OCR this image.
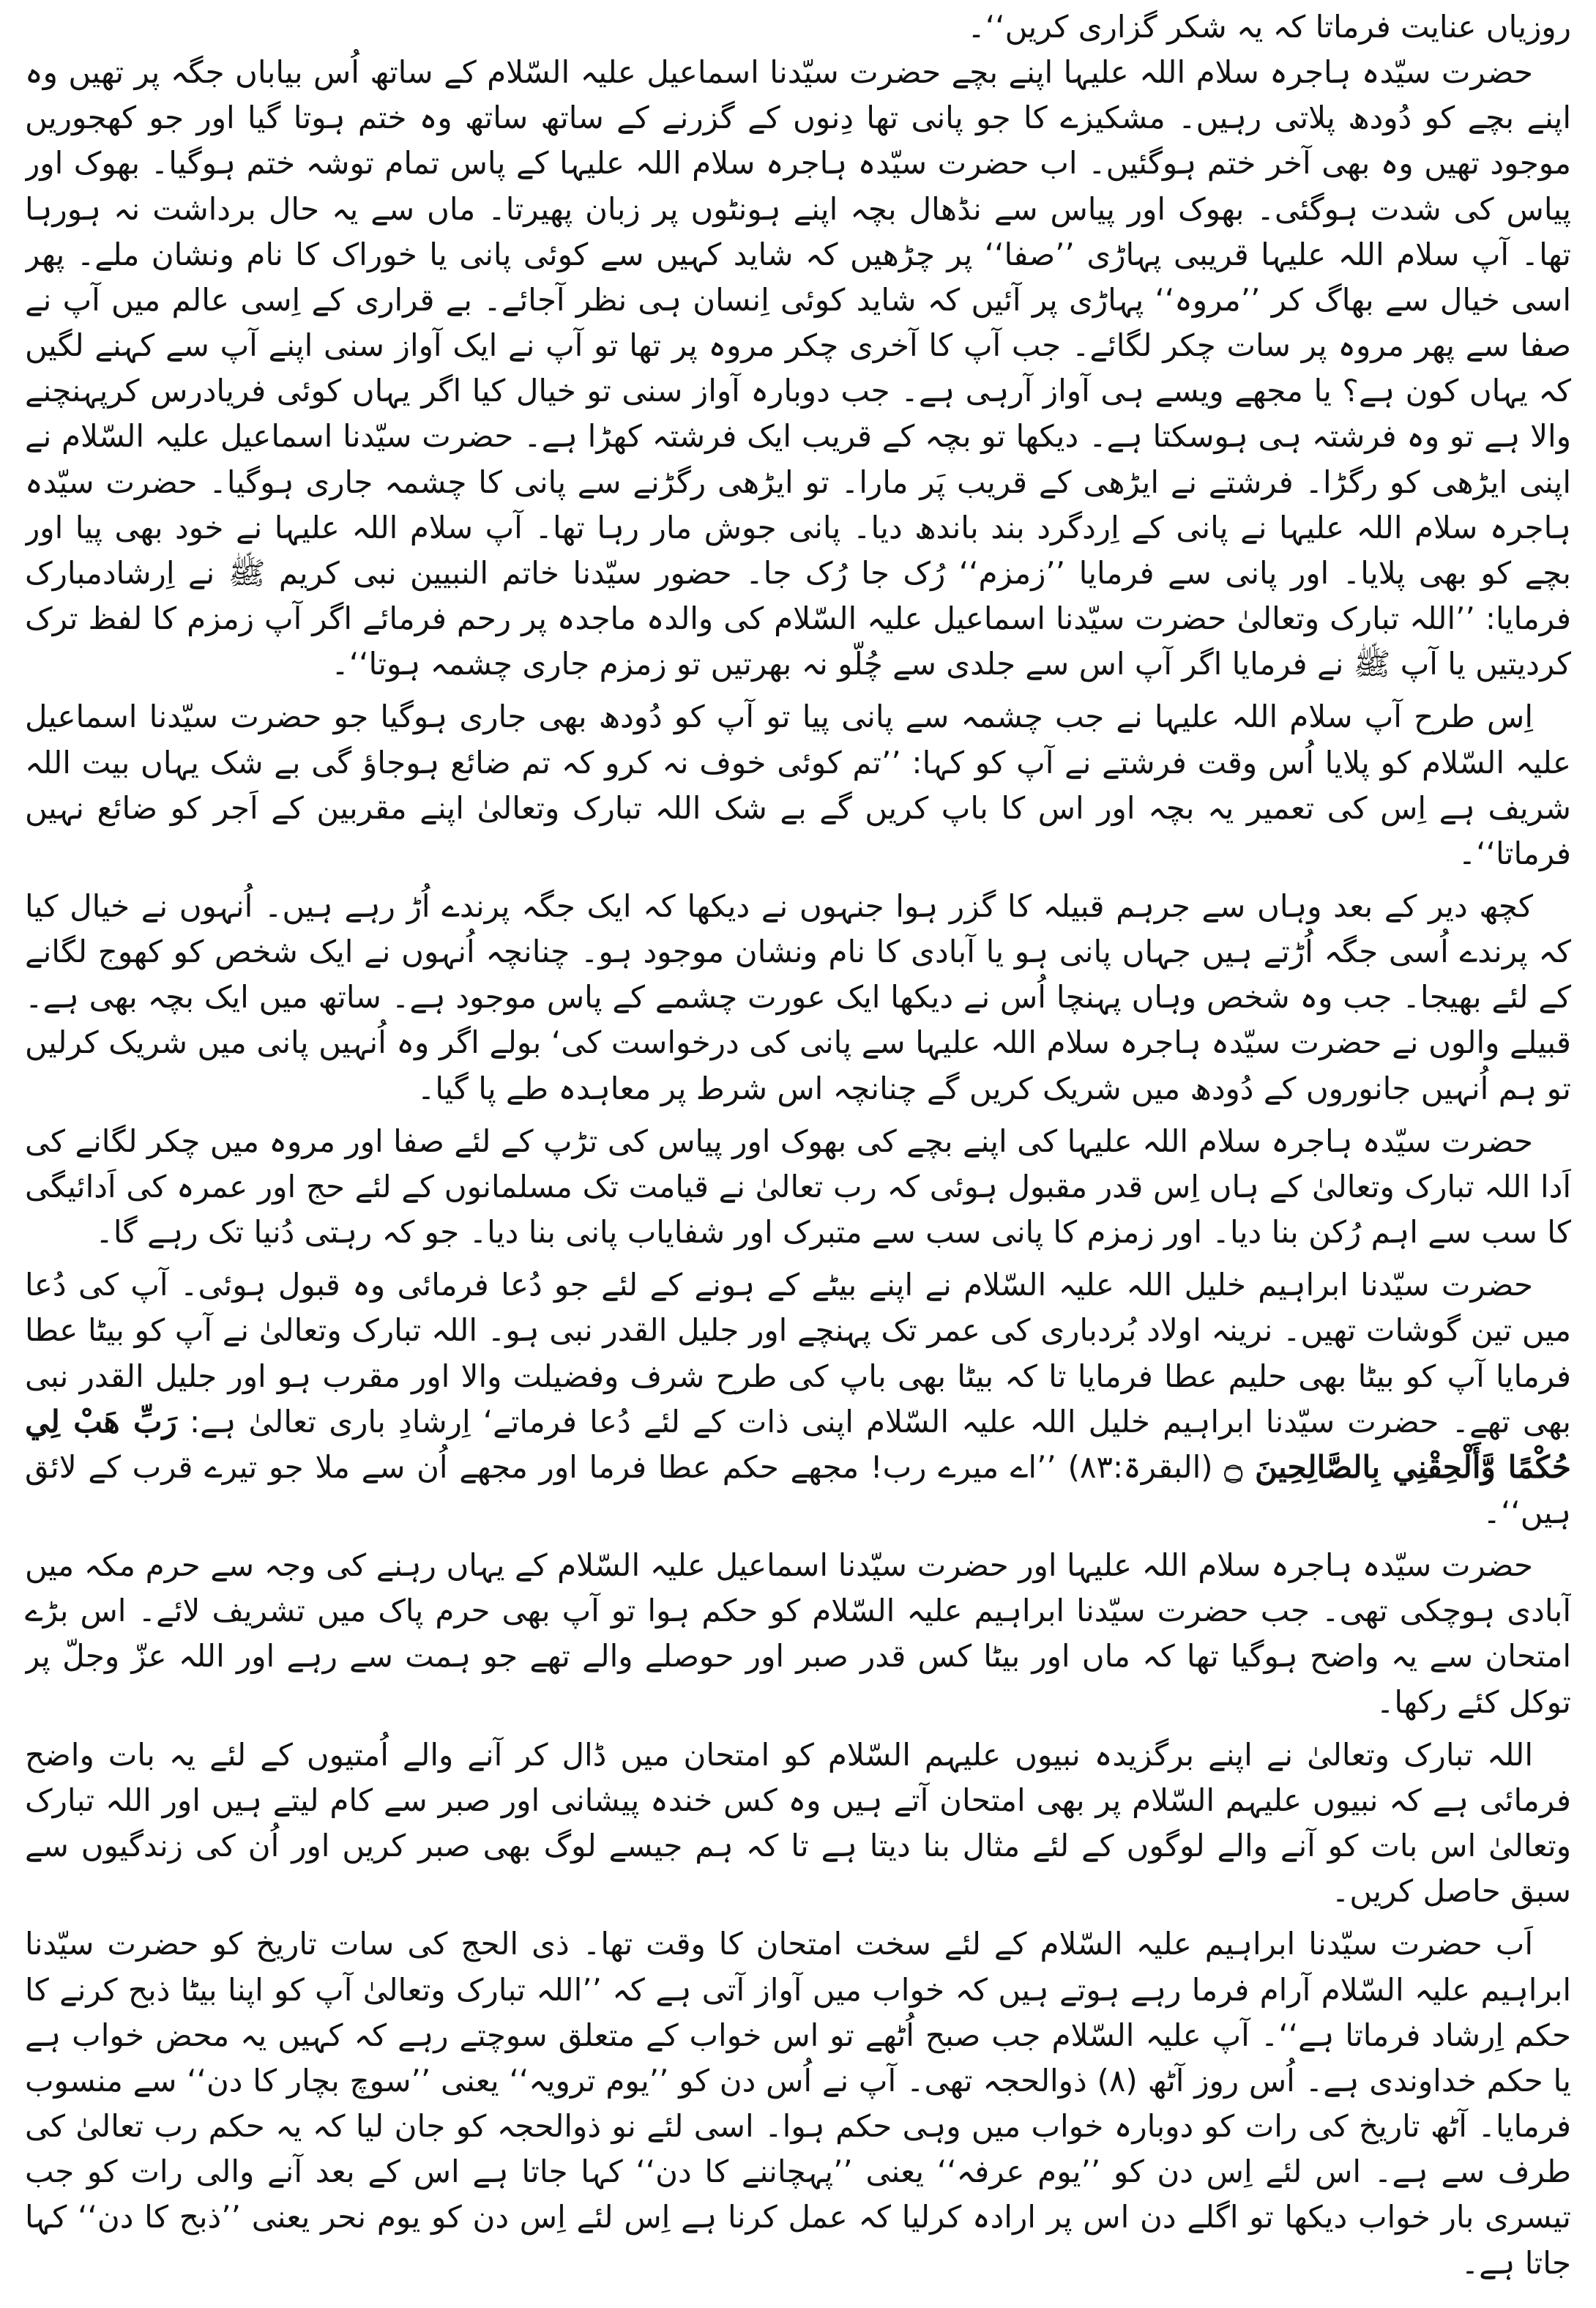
روزیاں عنایت فرماتا کہ یہ شکر گزاری کریں‘‘۔

حضرت سیّدہ ہاجرہ سلام اللہ علیہا اپنے بچے حضرت سیّدنا اسماعیل علیہ السّلام کے ساتھ اُس بیاباں جگہ پر تھیں وہ اپنے بچے کو دُودھ پلاتی رہیں۔ مشکیزے کا جو پانی تھا دِنوں کے گزرنے کے ساتھ ساتھ وہ ختم ہوتا گیا اور جو کھجوریں موجود تھیں وہ بھی آخر ختم ہوگئیں۔ اب حضرت سیّدہ ہاجرہ سلام اللہ علیہا کے پاس تمام توشہ ختم ہوگیا۔ بھوک اور پیاس کی شدت ہوگئی۔ بھوک اور پیاس سے نڈھال بچہ اپنے ہونٹوں پر زبان پھیرتا۔ ماں سے یہ حال برداشت نہ ہورہا تھا۔ آپ سلام اللہ علیہا قریبی پہاڑی ’’صفا‘‘ پر چڑھیں کہ شاید کہیں سے کوئی پانی یا خوراک کا نام ونشان ملے۔ پھر اسی خیال سے بھاگ کر ’’مروہ‘‘ پہاڑی پر آئیں کہ شاید کوئی اِنسان ہی نظر آجائے۔ بے قراری کے اِسی عالم میں آپ نے صفا سے پھر مروہ پر سات چکر لگائے۔ جب آپ کا آخری چکر مروہ پر تھا تو آپ نے ایک آواز سنی اپنے آپ سے کہنے لگیں کہ یہاں کون ہے؟ یا مجھے ویسے ہی آواز آرہی ہے۔ جب دوبارہ آواز سنی تو خیال کیا اگر یہاں کوئی فریادرس کرپہنچنے والا ہے تو وہ فرشتہ ہی ہوسکتا ہے۔ دیکھا تو بچہ کے قریب ایک فرشتہ کھڑا ہے۔ حضرت سیّدنا اسماعیل علیہ السّلام نے اپنی ایڑھی کو رگڑا۔ فرشتے نے ایڑھی کے قریب پَر مارا۔ تو ایڑھی رگڑنے سے پانی کا چشمہ جاری ہوگیا۔ حضرت سیّدہ ہاجرہ سلام اللہ علیہا نے پانی کے اِردگرد بند باندھ دیا۔ پانی جوش مار رہا تھا۔ آپ سلام اللہ علیہا نے خود بھی پیا اور بچے کو بھی پلایا۔ اور پانی سے فرمایا ’’زمزم‘‘ رُک جا رُک جا۔ حضور سیّدنا خاتم النبیین نبی کریم ﷺ نے اِرشادمبارک فرمایا: ’’اللہ تبارک وتعالیٰ حضرت سیّدنا اسماعیل علیہ السّلام کی والدہ ماجدہ پر رحم فرمائے اگر آپ زمزم کا لفظ ترک کردیتیں یا آپ ﷺ نے فرمایا اگر آپ اس سے جلدی سے چُلّو نہ بھرتیں تو زمزم جاری چشمہ ہوتا‘‘۔

اِس طرح آپ سلام اللہ علیہا نے جب چشمہ سے پانی پیا تو آپ کو دُودھ بھی جاری ہوگیا جو حضرت سیّدنا اسماعیل علیہ السّلام کو پلایا اُس وقت فرشتے نے آپ کو کہا: ’’تم کوئی خوف نہ کرو کہ تم ضائع ہوجاؤ گی بے شک یہاں بیت اللہ شریف ہے اِس کی تعمیر یہ بچہ اور اس کا باپ کریں گے بے شک اللہ تبارک وتعالیٰ اپنے مقربین کے اَجر کو ضائع نہیں فرماتا‘‘۔

کچھ دیر کے بعد وہاں سے جرہم قبیلہ کا گزر ہوا جنہوں نے دیکھا کہ ایک جگہ پرندے اُڑ رہے ہیں۔ اُنہوں نے خیال کیا کہ پرندے اُسی جگہ اُڑتے ہیں جہاں پانی ہو یا آبادی کا نام ونشان موجود ہو۔ چنانچہ اُنہوں نے ایک شخص کو کھوج لگانے کے لئے بھیجا۔ جب وہ شخص وہاں پہنچا اُس نے دیکھا ایک عورت چشمے کے پاس موجود ہے۔ ساتھ میں ایک بچہ بھی ہے۔ قبیلے والوں نے حضرت سیّدہ ہاجرہ سلام اللہ علیہا سے پانی کی درخواست کی‘ بولے اگر وہ اُنہیں پانی میں شریک کرلیں تو ہم اُنہیں جانوروں کے دُودھ میں شریک کریں گے چنانچہ اس شرط پر معاہدہ طے پا گیا۔

حضرت سیّدہ ہاجرہ سلام اللہ علیہا کی اپنے بچے کی بھوک اور پیاس کی تڑپ کے لئے صفا اور مروہ میں چکر لگانے کی اَدا اللہ تبارک وتعالیٰ کے ہاں اِس قدر مقبول ہوئی کہ رب تعالیٰ نے قیامت تک مسلمانوں کے لئے حج اور عمرہ کی اَدائیگی کا سب سے اہم رُکن بنا دیا۔ اور زمزم کا پانی سب سے متبرک اور شفایاب پانی بنا دیا۔ جو کہ رہتی دُنیا تک رہے گا۔

حضرت سیّدنا ابراہیم خلیل اللہ علیہ السّلام نے اپنے بیٹے کے ہونے کے لئے جو دُعا فرمائی وہ قبول ہوئی۔ آپ کی دُعا میں تین گوشات تھیں۔ نرینہ اولاد بُردباری کی عمر تک پہنچے اور جلیل القدر نبی ہو۔ اللہ تبارک وتعالیٰ نے آپ کو بیٹا عطا فرمایا آپ کو بیٹا بھی حلیم عطا فرمایا تا کہ بیٹا بھی باپ کی طرح شرف وفضیلت والا اور مقرب ہو اور جلیل القدر نبی بھی تھے۔ حضرت سیّدنا ابراہیم خلیل اللہ علیہ السّلام اپنی ذات کے لئے دُعا فرماتے‘ اِرشادِ باری تعالیٰ ہے: رَبِّ هَبْ لِي حُكْمًا وَّأَلْحِقْنِي بِالصَّالِحِينَ ۝ (البقرۃ:۸۳) ’’اے میرے رب! مجھے حکم عطا فرما اور مجھے اُن سے ملا جو تیرے قرب کے لائق ہیں‘‘۔

حضرت سیّدہ ہاجرہ سلام اللہ علیہا اور حضرت سیّدنا اسماعیل علیہ السّلام کے یہاں رہنے کی وجہ سے حرم مکہ میں آبادی ہوچکی تھی۔ جب حضرت سیّدنا ابراہیم علیہ السّلام کو حکم ہوا تو آپ بھی حرم پاک میں تشریف لائے۔ اس بڑے امتحان سے یہ واضح ہوگیا تھا کہ ماں اور بیٹا کس قدر صبر اور حوصلے والے تھے جو ہمت سے رہے اور اللہ عزّ وجلّ پر توکل کئے رکھا۔

اللہ تبارک وتعالیٰ نے اپنے برگزیدہ نبیوں علیہم السّلام کو امتحان میں ڈال کر آنے والے اُمتیوں کے لئے یہ بات واضح فرمائی ہے کہ نبیوں علیہم السّلام پر بھی امتحان آتے ہیں وہ کس خندہ پیشانی اور صبر سے کام لیتے ہیں اور اللہ تبارک وتعالیٰ اس بات کو آنے والے لوگوں کے لئے مثال بنا دیتا ہے تا کہ ہم جیسے لوگ بھی صبر کریں اور اُن کی زندگیوں سے سبق حاصل کریں۔

اَب حضرت سیّدنا ابراہیم علیہ السّلام کے لئے سخت امتحان کا وقت تھا۔ ذی الحج کی سات تاریخ کو حضرت سیّدنا ابراہیم علیہ السّلام آرام فرما رہے ہوتے ہیں کہ خواب میں آواز آتی ہے کہ ’’اللہ تبارک وتعالیٰ آپ کو اپنا بیٹا ذبح کرنے کا حکم اِرشاد فرماتا ہے‘‘۔ آپ علیہ السّلام جب صبح اُٹھے تو اس خواب کے متعلق سوچتے رہے کہ کہیں یہ محض خواب ہے یا حکم خداوندی ہے۔ اُس روز آٹھ (۸) ذوالحجہ تھی۔ آپ نے اُس دن کو ’’یوم ترویہ‘‘ یعنی ’’سوچ بچار کا دن‘‘ سے منسوب فرمایا۔ آٹھ تاریخ کی رات کو دوبارہ خواب میں وہی حکم ہوا۔ اسی لئے نو ذوالحجہ کو جان لیا کہ یہ حکم رب تعالیٰ کی طرف سے ہے۔ اس لئے اِس دن کو ’’یوم عرفہ‘‘ یعنی ’’پہچاننے کا دن‘‘ کہا جاتا ہے اس کے بعد آنے والی رات کو جب تیسری بار خواب دیکھا تو اگلے دن اس پر ارادہ کرلیا کہ عمل کرنا ہے اِس لئے اِس دن کو یوم نحر یعنی ’’ذبح کا دن‘‘ کہا جاتا ہے۔
